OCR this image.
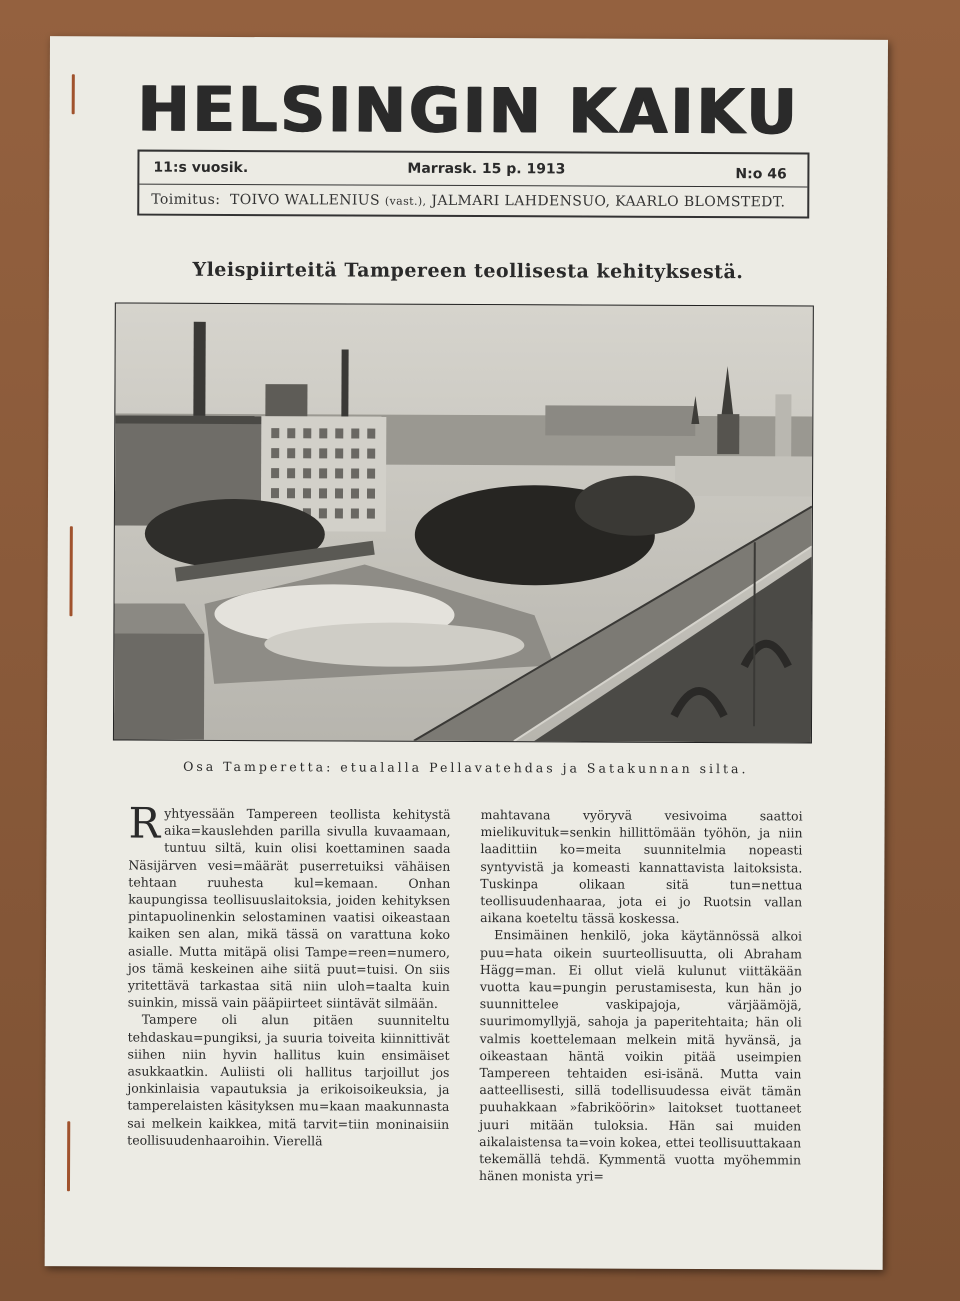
HELSINGIN KAIKU
11:s vuosik.	Marrask. 15 p. 1913	N:o 46
Toimitus: TOIVO WALLENIUS (vast.), JALMARI LAHDENSUO, KAARLO BLOMSTEDT.
Yleispiirteitä Tampereen teollisesta kehityksestä.
Osa Tamperetta: etualalla Pellavatehdas ja Satakunnan silta.

Ryhtyessään Tampereen teollista kehitystä aika=kauslehden parilla sivulla kuvaamaan, tuntuu siltä, kuin olisi koettaminen saada Näsijärven vesi=määrät puserretuiksi vähäisen tehtaan ruuhesta kul=kemaan. Onhan kaupungissa teollisuuslaitoksia, joiden kehityksen pintapuolinenkin selostaminen vaatisi oikeastaan kaiken sen alan, mikä tässä on varattuna koko asialle. Mutta mitäpä olisi Tampe=reen=numero, jos tämä keskeinen aihe siitä puut=tuisi. On siis yritettävä tarkastaa sitä niin uloh=taalta kuin suinkin, missä vain pääpiirteet siintävät silmään.

Tampere oli alun pitäen suunniteltu tehdaskau=pungiksi, ja suuria toiveita kiinnittivät siihen niin hyvin hallitus kuin ensimäiset asukkaatkin. Auliisti oli hallitus tarjoillut jos jonkinlaisia vapautuksia ja erikoisoikeuksia, ja tamperelaisten käsityksen mu=kaan maakunnasta sai melkein kaikkea, mitä tarvit=tiin moninaisiin teollisuudenhaaroihin. Vierellä

mahtavana vyöryvä vesivoima saattoi mielikuvituk=senkin hillittömään työhön, ja niin laadittiin ko=meita suunnitelmia nopeasti syntyvistä ja komeasti kannattavista laitoksista. Tuskinpa olikaan sitä tun=nettua teollisuudenhaaraa, jota ei jo Ruotsin vallan aikana koeteltu tässä koskessa.

Ensimäinen henkilö, joka käytännössä alkoi puu=hata oikein suurteollisuutta, oli Abraham Hägg=man. Ei ollut vielä kulunut viittäkään vuotta kau=pungin perustamisesta, kun hän jo suunnittelee vaskipajoja, värjäämöjä, suurimomyllyjä, sahoja ja paperitehtaita; hän oli valmis koettelemaan melkein mitä hyvänsä, ja oikeastaan häntä voikin pitää useimpien Tampereen tehtaiden esi-isänä. Mutta vain aatteellisesti, sillä todellisuudessa eivät tämän puuhakkaan »fabriköörin» laitokset tuottaneet juuri mitään tuloksia. Hän sai muiden aikalaistensa ta=voin kokea, ettei teollisuuttakaan tekemällä tehdä. Kymmentä vuotta myöhemmin hänen monista yri=
